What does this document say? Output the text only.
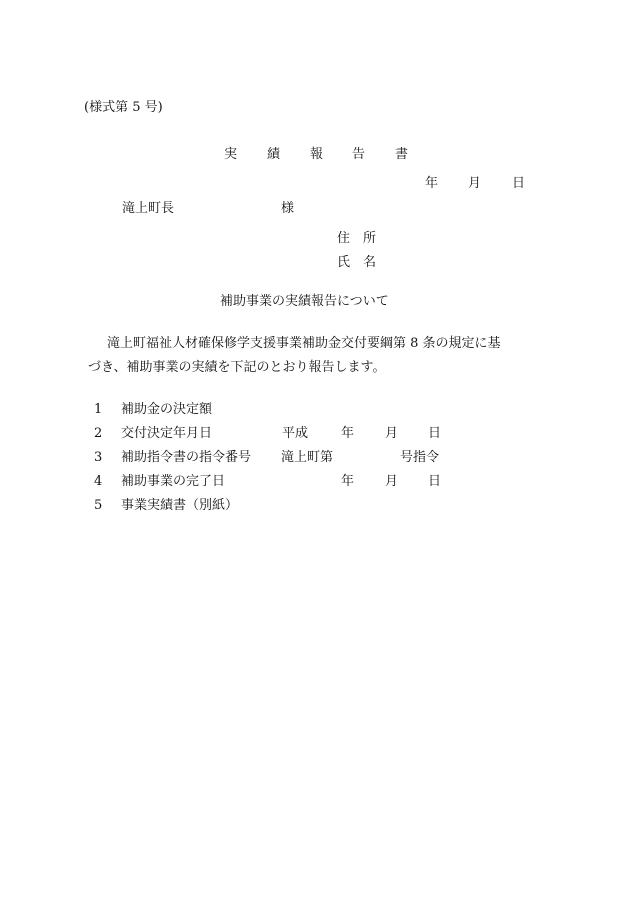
(様式第 5 号)
実 績 報 告 書
年 月 日
滝上町長	様
住　所
氏　名
補助事業の実績報告について
滝上町福祉人材確保修学支援事業補助金交付要綱第 8 条の規定に基
づき、補助事業の実績を下記のとおり報告します。
1 補助金の決定額
2 交付決定年月日	平成	年 月 日
3 補助指令書の指令番号 滝上町第	号指令
4 補助事業の完了日	年 月 日
5 事業実績書（別紙）
